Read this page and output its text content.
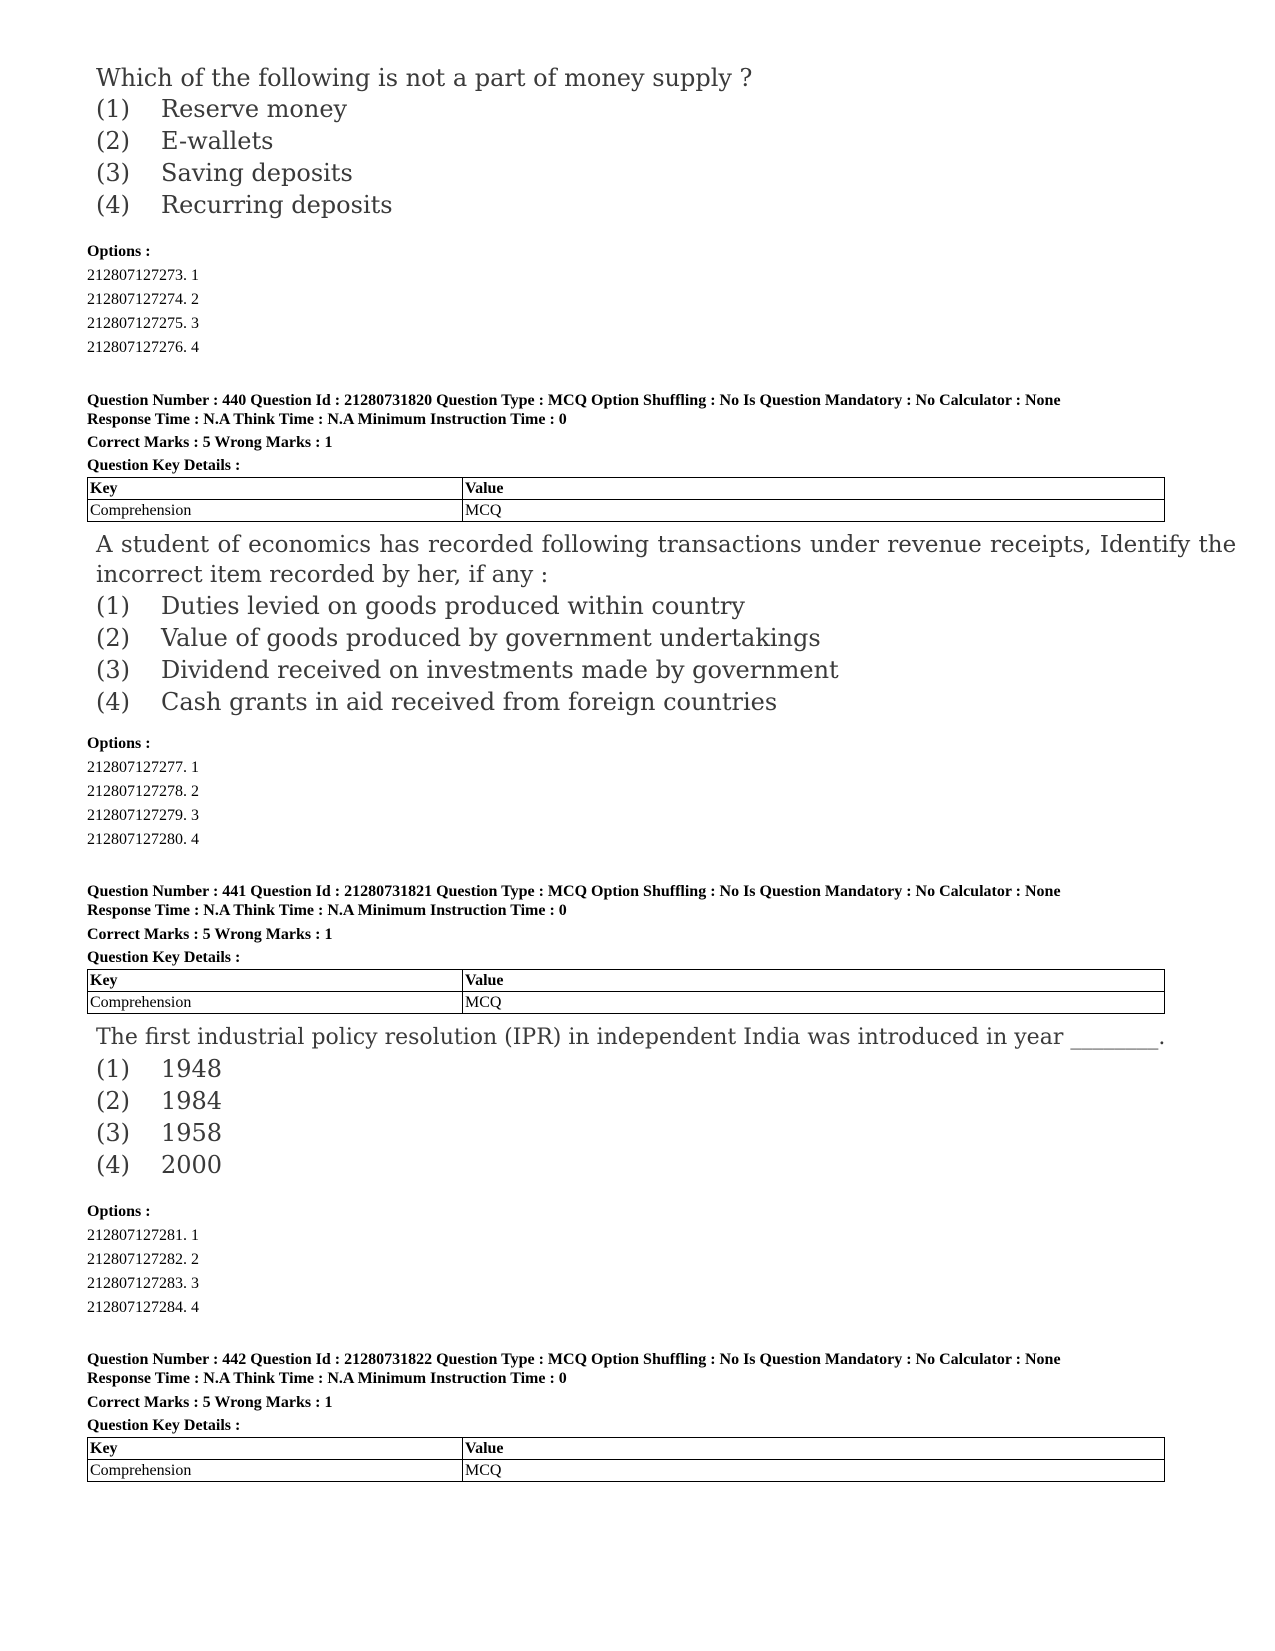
Which of the following is not a part of money supply ?
(1)	Reserve money
(2)	E-wallets
(3)	Saving deposits
(4)	Recurring deposits
Options :
212807127273. 1
212807127274. 2
212807127275. 3
212807127276. 4
Question Number : 440 Question Id : 21280731820 Question Type : MCQ Option Shuffling : No Is Question Mandatory : No Calculator : None
Response Time : N.A Think Time : N.A Minimum Instruction Time : 0
Correct Marks : 5 Wrong Marks : 1
Question Key Details :
Key	Value
Comprehension	MCQ
A student of economics has recorded following transactions under revenue receipts, Identify the
incorrect item recorded by her, if any :
(1)	Duties levied on goods produced within country
(2)	Value of goods produced by government undertakings
(3)	Dividend received on investments made by government
(4)	Cash grants in aid received from foreign countries
Options :
212807127277. 1
212807127278. 2
212807127279. 3
212807127280. 4
Question Number : 441 Question Id : 21280731821 Question Type : MCQ Option Shuffling : No Is Question Mandatory : No Calculator : None
Response Time : N.A Think Time : N.A Minimum Instruction Time : 0
Correct Marks : 5 Wrong Marks : 1
Question Key Details :
Key	Value
Comprehension	MCQ
The first industrial policy resolution (IPR) in independent India was introduced in year ________.
(1)	1948
(2)	1984
(3)	1958
(4)	2000
Options :
212807127281. 1
212807127282. 2
212807127283. 3
212807127284. 4
Question Number : 442 Question Id : 21280731822 Question Type : MCQ Option Shuffling : No Is Question Mandatory : No Calculator : None
Response Time : N.A Think Time : N.A Minimum Instruction Time : 0
Correct Marks : 5 Wrong Marks : 1
Question Key Details :
Key	Value
Comprehension	MCQ
